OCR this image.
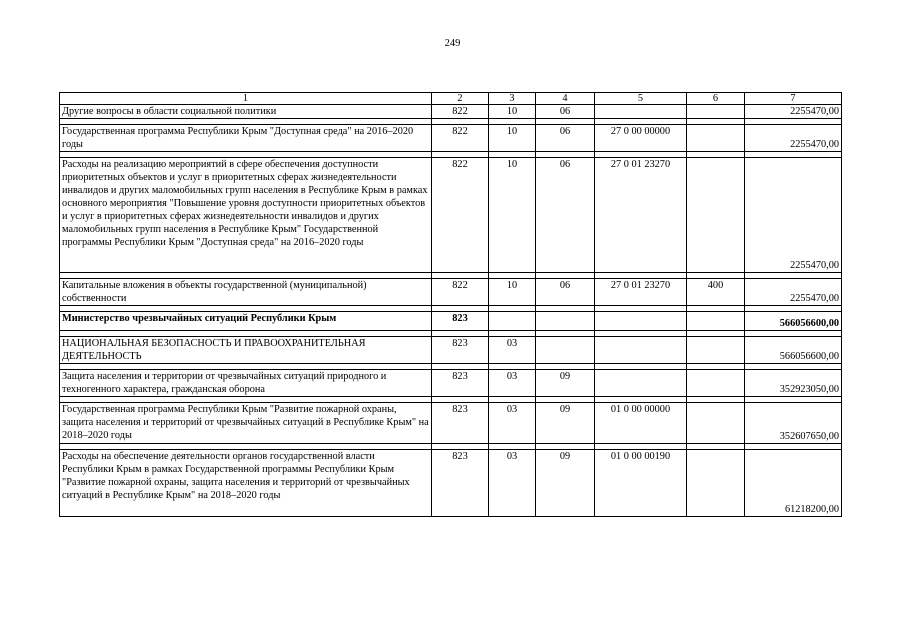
249
1	2	3	4	5	6	7
Другие вопросы в области социальной политики	822	10	06			2255470,00

Государственная программа Республики Крым "Доступная среда" на 2016–2020 годы	822	10	06	27 0 00 00000		2255470,00

Расходы на реализацию мероприятий в сфере обеспечения доступности приоритетных объектов и услуг в приоритетных сферах жизнедеятельности инвалидов и других маломобильных групп населения в Республике Крым в рамках основного мероприятия "Повышение уровня доступности приоритетных объектов и услуг в приоритетных сферах жизнедеятельности инвалидов и других маломобильных групп населения в Республике Крым" Государственной программы Республики Крым "Доступная среда" на 2016–2020 годы	822	10	06	27 0 01 23270		2255470,00

Капитальные вложения в объекты государственной (муниципальной) собственности	822	10	06	27 0 01 23270	400	2255470,00

Министерство чрезвычайных ситуаций Республики Крым	823					566056600,00

НАЦИОНАЛЬНАЯ БЕЗОПАСНОСТЬ И ПРАВООХРАНИТЕЛЬНАЯ ДЕЯТЕЛЬНОСТЬ	823	03				566056600,00

Защита населения и территории от чрезвычайных ситуаций природного и техногенного характера, гражданская оборона	823	03	09			352923050,00

Государственная программа Республики Крым "Развитие пожарной охраны, защита населения и территорий от чрезвычайных ситуаций в Республике Крым" на 2018–2020 годы	823	03	09	01 0 00 00000		352607650,00

Расходы на обеспечение деятельности органов государственной власти Республики Крым в рамках Государственной программы Республики Крым "Развитие пожарной охраны, защита населения и территорий от чрезвычайных ситуаций в Республике Крым" на 2018–2020 годы	823	03	09	01 0 00 00190		61218200,00
